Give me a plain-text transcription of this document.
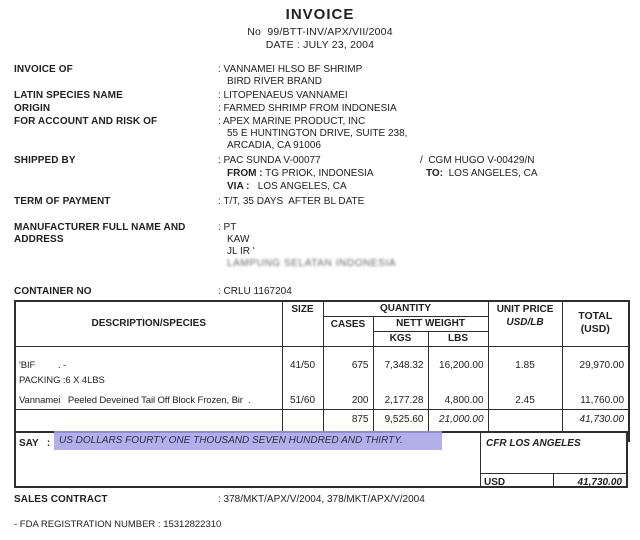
INVOICE
No  99/BTT-INV/APX/VII/2004
DATE : JULY 23, 2004
INVOICE OF	: VANNAMEI HLSO BF SHRIMP
BIRD RIVER BRAND
LATIN SPECIES NAME	: LITOPENAEUS VANNAMEI
ORIGIN	: FARMED SHRIMP FROM INDONESIA
FOR ACCOUNT AND RISK OF	: APEX MARINE PRODUCT, INC
55 E HUNTINGTON DRIVE, SUITE 238,
ARCADIA, CA 91006
SHIPPED BY	: PAC SUNDA V-00077	/  CGM HUGO V-00429/N
FROM : TG PRIOK, INDONESIA	TO:  LOS ANGELES, CA
VIA :   LOS ANGELES, CA
TERM OF PAYMENT	: T/T, 35 DAYS  AFTER BL DATE
MANUFACTURER FULL NAME AND
ADDRESS
: PT
KAW
JL IR '
LAMPUNG SELATAN INDONESIA
CONTAINER NO	: CRLU 1167204
DESCRIPTION/SPECIES	SIZE	QUANTITY			UNIT PRICE
USD/LB	TOTAL (USD)
		CASES	NETT WEIGHT			
			KGS	LBS		
'BIF         . -	41/50	675	7,348.32	16,200.00	1.85	29,970.00
PACKING :6 X 4LBS						
Vannamei   Peeled Deveined Tail Off Block Frozen, Bir  .	51/60	200	2,177.28	4,800.00	2.45	11,760.00
		875	9,525.60	21,000.00		41,730.00
SAY : US DOLLARS FOURTY ONE THOUSAND SEVEN HUNDRED AND THIRTY.	CFR LOS ANGELES
USD	41,730.00
SALES CONTRACT	: 378/MKT/APX/V/2004, 378/MKT/APX/V/2004
- FDA REGISTRATION NUMBER : 15312822310
